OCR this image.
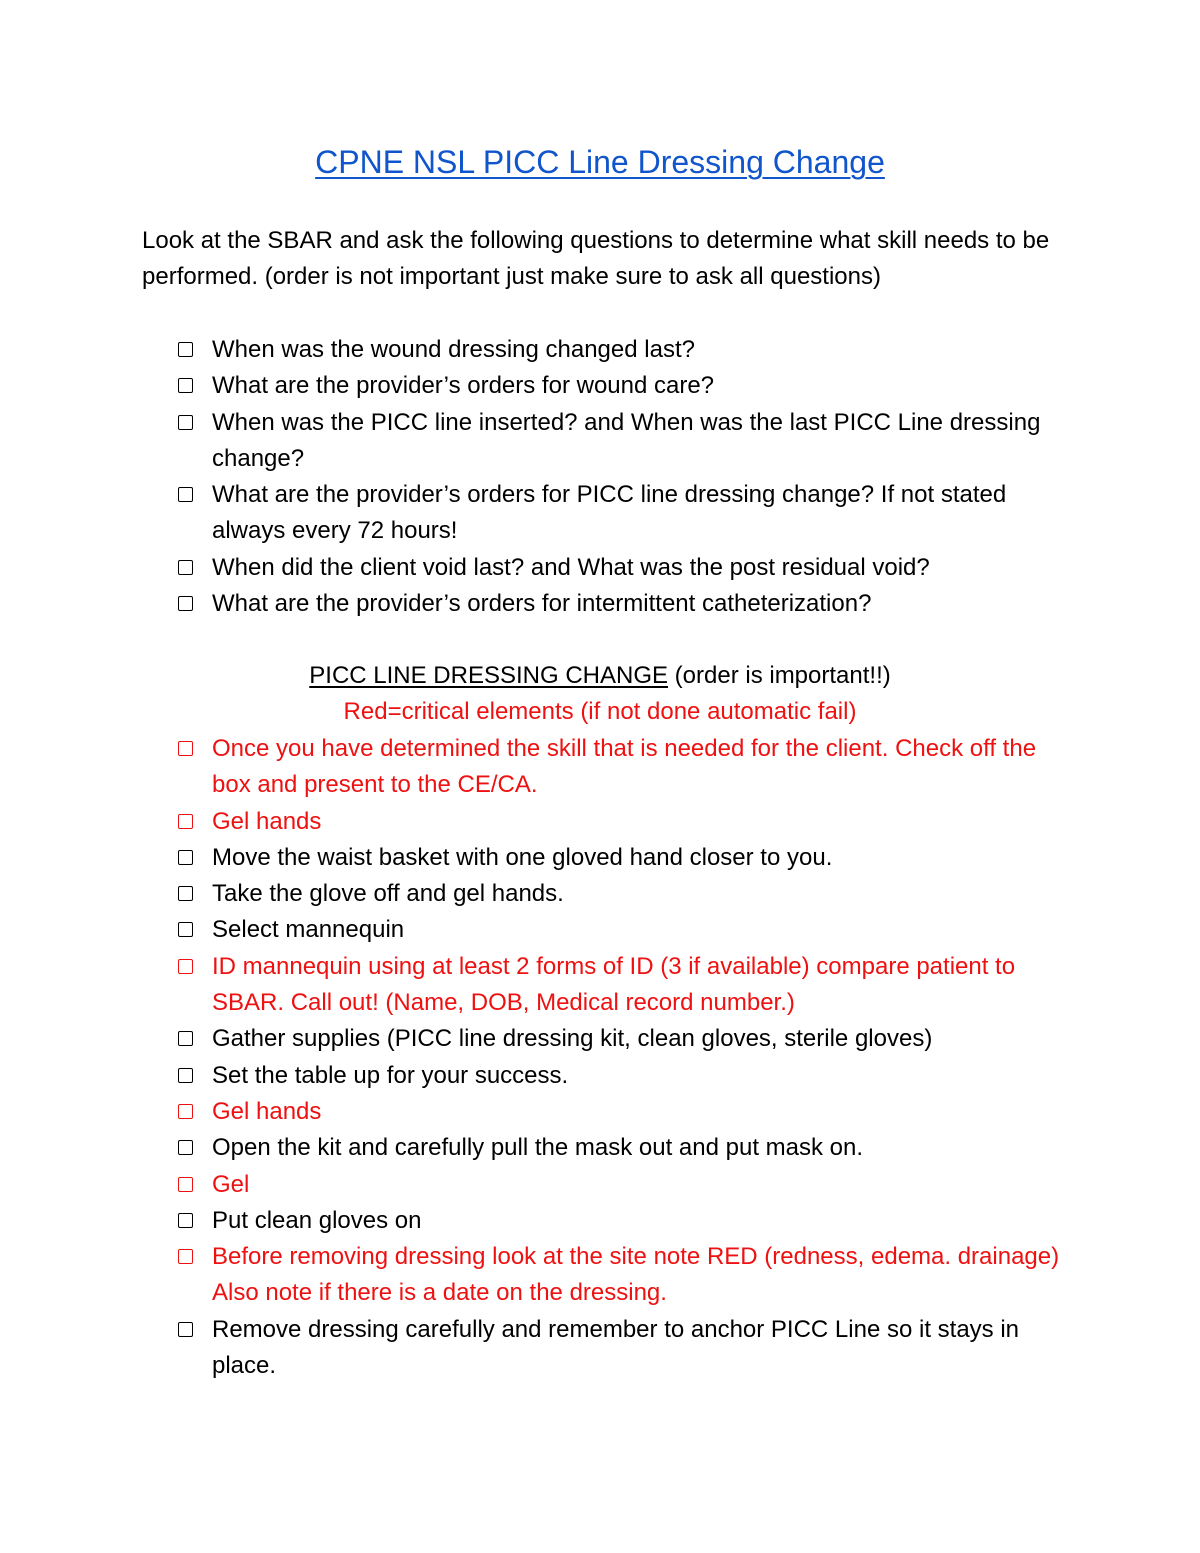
CPNE NSL PICC Line Dressing Change

Look at the SBAR and ask the following questions to determine what skill needs to be performed. (order is not important just make sure to ask all questions)

When was the wound dressing changed last?
What are the provider’s orders for wound care?
When was the PICC line inserted? and When was the last PICC Line dressing change?
What are the provider’s orders for PICC line dressing change? If not stated always every 72 hours!
When did the client void last? and What was the post residual void?
What are the provider’s orders for intermittent catheterization?
PICC LINE DRESSING CHANGE (order is important!!)
Red=critical elements (if not done automatic fail)
Once you have determined the skill that is needed for the client. Check off the box and present to the CE/CA.
Gel hands
Move the waist basket with one gloved hand closer to you.
Take the glove off and gel hands.
Select mannequin
ID mannequin using at least 2 forms of ID (3 if available) compare patient to SBAR. Call out! (Name, DOB, Medical record number.)
Gather supplies (PICC line dressing kit, clean gloves, sterile gloves)
Set the table up for your success.
Gel hands
Open the kit and carefully pull the mask out and put mask on.
Gel
Put clean gloves on
Before removing dressing look at the site note RED (redness, edema. drainage) Also note if there is a date on the dressing.
Remove dressing carefully and remember to anchor PICC Line so it stays in place.
